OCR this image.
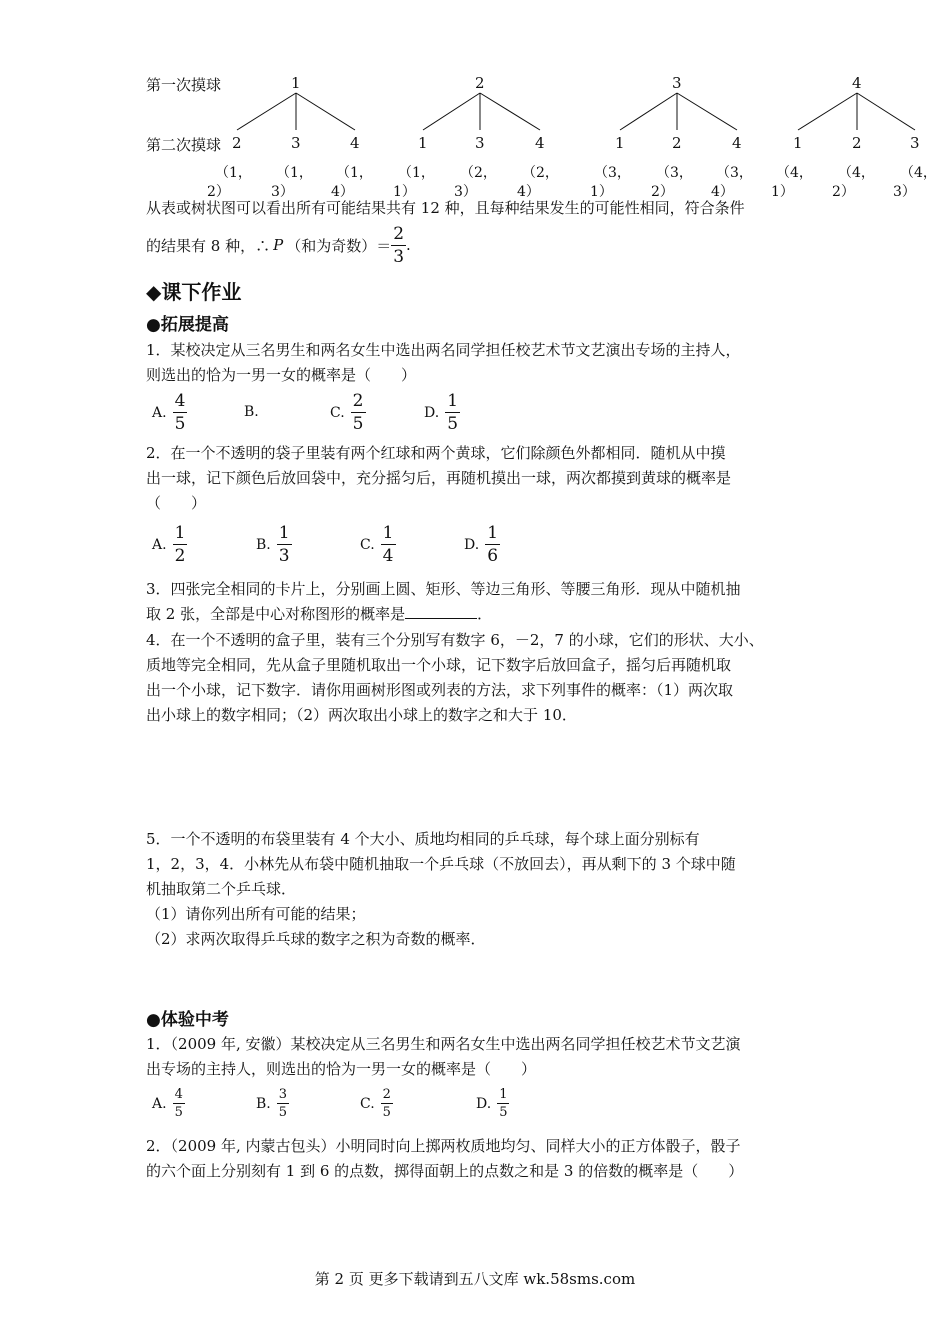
第一次摸球
第二次摸球
1
2	3	4
2
1	3	4
3
1	2	4
4
1	2	3
（1， （1， （1， （1， （2， （2，	（3， （3， （3， （4， （4， （4，
2）	3）	4）	1）	3）	4）	1）	2）	4）	1）	2）	3）
从表或树状图可以看出所有可能结果共有 12 种，且每种结果发生的可能性相同，符合条件
的结果有 8 种，∴ P （和为奇数）＝ $\frac{2}{3}$ .
◆课下作业
●拓展提高
1．某校决定从三名男生和两名女生中选出两名同学担任校艺术节文艺演出专场的主持人，
则选出的恰为一男一女的概率是（　　）
A. $\frac{4}{5}$	B.	C. $\frac{2}{5}$	D. $\frac{1}{5}$
2．在一个不透明的袋子里装有两个红球和两个黄球，它们除颜色外都相同．随机从中摸
出一球，记下颜色后放回袋中，充分摇匀后，再随机摸出一球，两次都摸到黄球的概率是
（　　）
A. $\frac{1}{2}$	B. $\frac{1}{3}$	C. $\frac{1}{4}$	D. $\frac{1}{6}$
3．四张完全相同的卡片上，分别画上圆、矩形、等边三角形、等腰三角形．现从中随机抽
取 2 张，全部是中心对称图形的概率是	．
4．在一个不透明的盒子里，装有三个分别写有数字 6，－2，7 的小球，它们的形状、大小、
质地等完全相同，先从盒子里随机取出一个小球，记下数字后放回盒子，摇匀后再随机取
出一个小球，记下数字．请你用画树形图或列表的方法，求下列事件的概率：（1）两次取
出小球上的数字相同；（2）两次取出小球上的数字之和大于 10．
5．一个不透明的布袋里装有 4 个大小、质地均相同的乒乓球，每个球上面分别标有
1，2，3，4．小林先从布袋中随机抽取一个乒乓球（不放回去），再从剩下的 3 个球中随
机抽取第二个乒乓球．
（1）请你列出所有可能的结果；
（2）求两次取得乒乓球的数字之积为奇数的概率．
●体验中考
1．（2009 年, 安徽）某校决定从三名男生和两名女生中选出两名同学担任校艺术节文艺演
出专场的主持人，则选出的恰为一男一女的概率是（　　）
A. $\frac{4}{5}$	B. $\frac{3}{5}$	C. $\frac{2}{5}$	D. $\frac{1}{5}$
2．（2009 年, 内蒙古包头）小明同时向上掷两枚质地均匀、同样大小的正方体骰子，骰子
的六个面上分别刻有 1 到 6 的点数，掷得面朝上的点数之和是 3 的倍数的概率是（　　）
第 2 页 更多下载请到五八文库 wk.58sms.com
